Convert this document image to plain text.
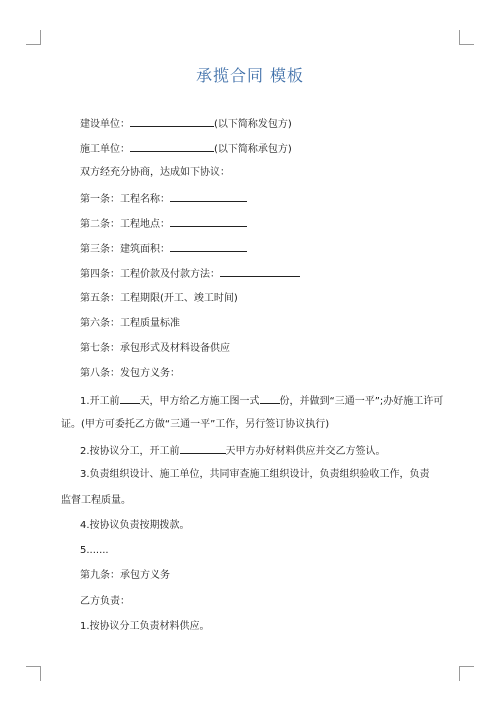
承揽合同 模板
建设单位：	(以下简称发包方)
施工单位：	(以下简称承包方)
双方经充分协商，达成如下协议：
第一条：工程名称：
第二条：工程地点：
第三条：建筑面积：
第四条：工程价款及付款方法：
第五条：工程期限(开工、竣工时间)
第六条：工程质量标准
第七条：承包形式及材料设备供应
第八条：发包方义务：
1.开工前 天，甲方给乙方施工图一式 份，并做到“三通一平”;办好施工许可
证。(甲方可委托乙方做“三通一平”工作，另行签订协议执行)
2.按协议分工，开工前	天甲方办好材料供应并交乙方签认。
3.负责组织设计、施工单位，共同审查施工组织设计，负责组织验收工作，负责
监督工程质量。
4.按协议负责按期拨款。
5.......
第九条：承包方义务
乙方负责：
1.按协议分工负责材料供应。
